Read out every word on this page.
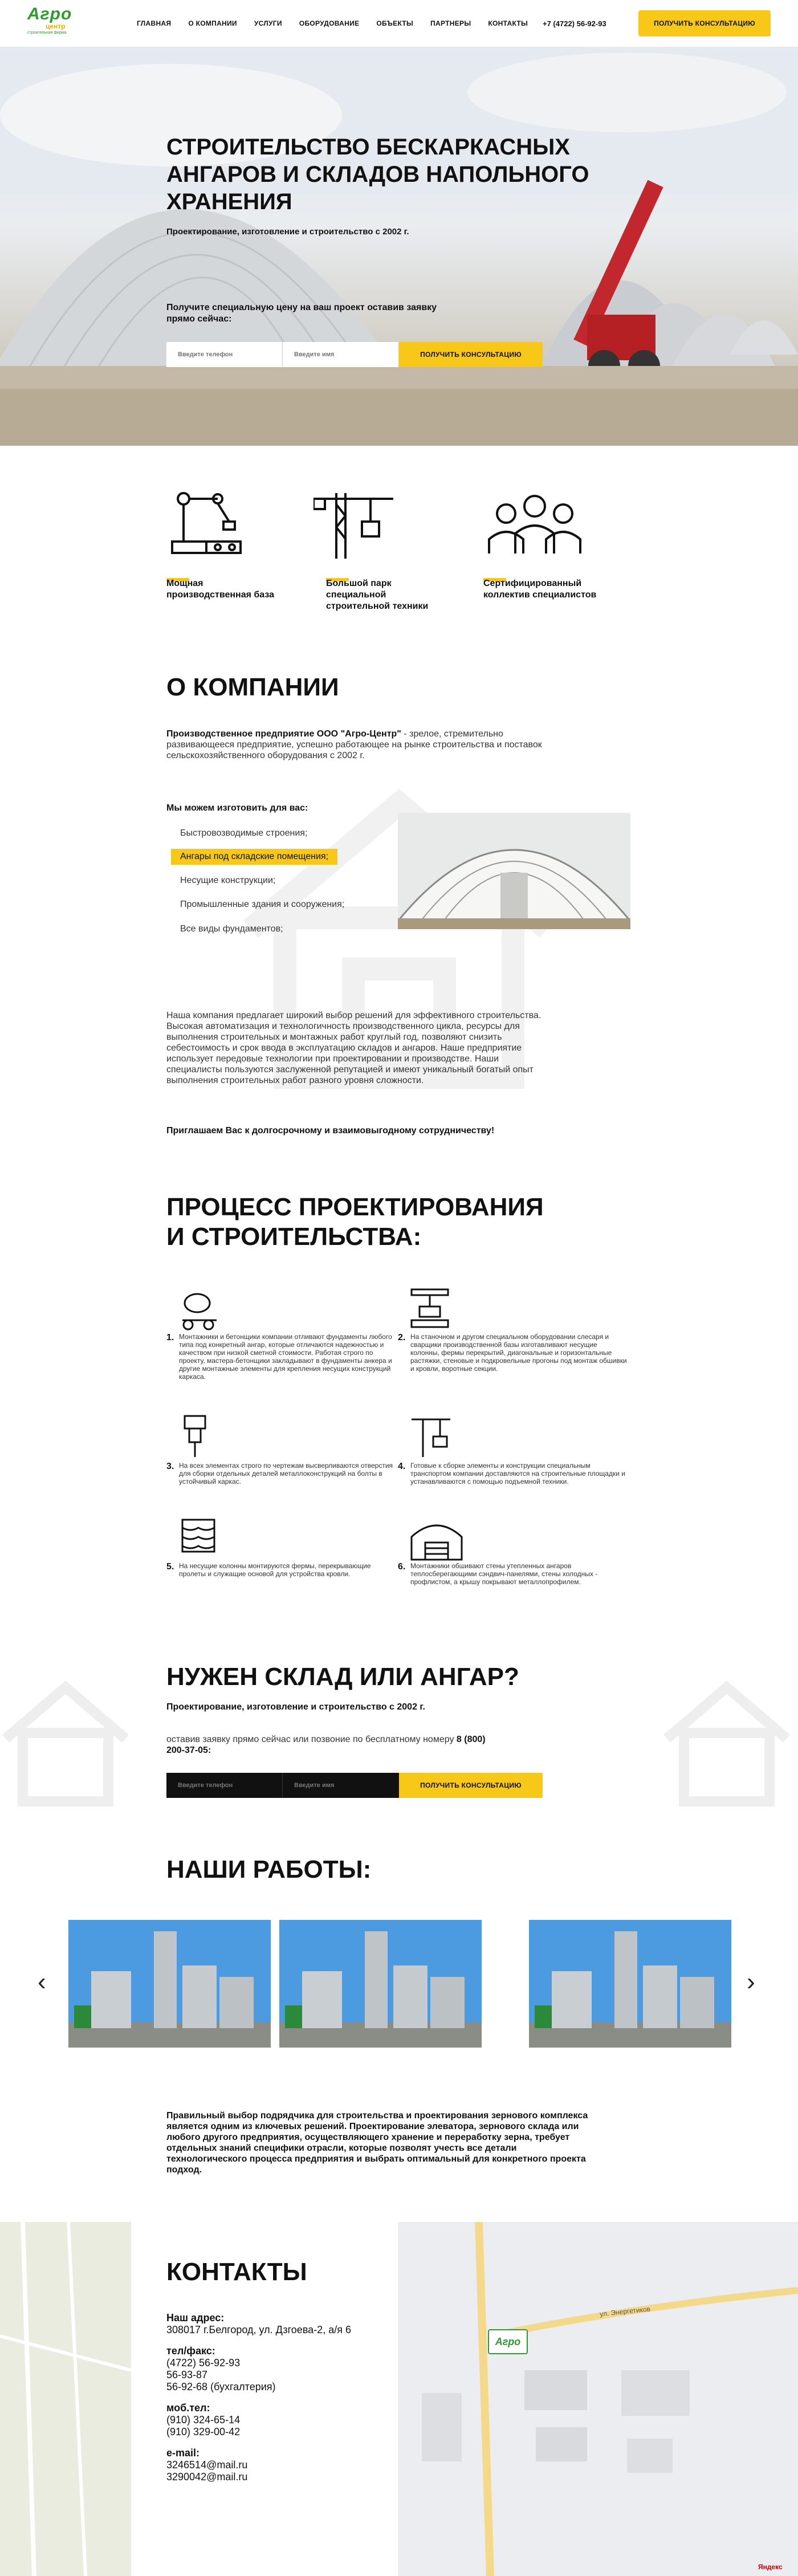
Агро
центр
строительная фирма
ГЛАВНАЯ	О КОМПАНИИ	УСЛУГИ	ОБОРУДОВАНИЕ	ОБЪЕКТЫ	ПАРТНЕРЫ	КОНТАКТЫ +7 (4722) 56-92-93	ПОЛУЧИТЬ КОНСУЛЬТАЦИЮ
СТРОИТЕЛЬСТВО БЕСКАРКАСНЫХ АНГАРОВ И СКЛАДОВ НАПОЛЬНОГО ХРАНЕНИЯ
Проектирование, изготовление и строительство с 2002 г.
Получите специальную цену на ваш проект оставив заявку прямо сейчас:
Введите телефон
Введите имя
ПОЛУЧИТЬ КОНСУЛЬТАЦИЮ
Мощная производственная база
Большой парк специальной строительной техники
Сертифицированный коллектив специалистов
О КОМПАНИИ
Производственное предприятие ООО "Агро-Центр" - зрелое, стремительно развивающееся предприятие, успешно работающее на рынке строительства и поставок сельскохозяйственного оборудования с 2002 г.
Мы можем изготовить для вас:
Быстровозводимые строения;
Ангары под складские помещения;
Несущие конструкции;
Промышленные здания и сооружения;
Все виды фундаментов;
Наша компания предлагает широкий выбор решений для эффективного строительства. Высокая автоматизация и технологичность производственного цикла, ресурсы для выполнения строительных и монтажных работ круглый год, позволяют снизить себестоимость и срок ввода в эксплуатацию складов и ангаров. Наше предприятие использует передовые технологии при проектировании и производстве. Наши специалисты пользуются заслуженной репутацией и имеют уникальный богатый опыт выполнения строительных работ разного уровня сложности.
Приглашаем Вас к долгосрочному и взаимовыгодному сотрудничеству!
ПРОЦЕСС ПРОЕКТИРОВАНИЯ
И СТРОИТЕЛЬСТВА:
1. Монтажники и бетонщики компании отливают фундаменты любого типа под конкретный ангар, которые отличаются надежностью и качеством при низкой сметной стоимости. Работая строго по проекту, мастера-бетонщики закладывают в фундаменты анкера и другие монтажные элементы для крепления несущих конструкций каркаса.
2. На станочном и другом специальном оборудовании слесаря и сварщики производственной базы изготавливают несущие колонны, фермы перекрытий, диагональные и горизонтальные растяжки, стеновые и подкровельные прогоны под монтаж обшивки и кровли, воротные секции.
3. На всех элементах строго по чертежам высверливаются отверстия для сборки отдельных деталей металлоконструкций на болты в устойчивый каркас.
4. Готовые к сборке элементы и конструкции специальным транспортом компании доставляются на строительные площадки и устанавливаются с помощью подъемной техники.
5. На несущие колонны монтируются фермы, перекрывающие пролеты и служащие основой для устройства кровли.
6. Монтажники обшивают стены утепленных ангаров теплосберегающими сэндвич-панелями, стены холодных - профлистом, а крышу покрывают металлопрофилем.
НУЖЕН СКЛАД ИЛИ АНГАР?
Проектирование, изготовление и строительство с 2002 г.
оставив заявку прямо сейчас или позвоние по бесплатному номеру 8 (800) 200-37-05:
Введите телефон
Введите имя
ПОЛУЧИТЬ КОНСУЛЬТАЦИЮ
НАШИ РАБОТЫ:
‹	›
Правильный выбор подрядчика для строительства и проектирования зернового комплекса является одним из ключевых решений. Проектирование элеватора, зернового склада или любого другого предприятия, осуществляющего хранение и переработку зерна, требует отдельных знаний специфики отрасли, которые позволят учесть все детали технологического процесса предприятия и выбрать оптимальный для конкретного проекта подход.
ул. Энергетиков
Агро
Яндекс
КОНТАКТЫ
Наш адрес:
308017 г.Белгород, ул. Дзгоева-2, а/я 6
тел/факс:
(4722) 56-92-93
56-93-87
56-92-68 (бухгалтерия)
моб.тел:
(910) 324-65-14
(910) 329-00-42
e-mail:
3246514@mail.ru
3290042@mail.ru
